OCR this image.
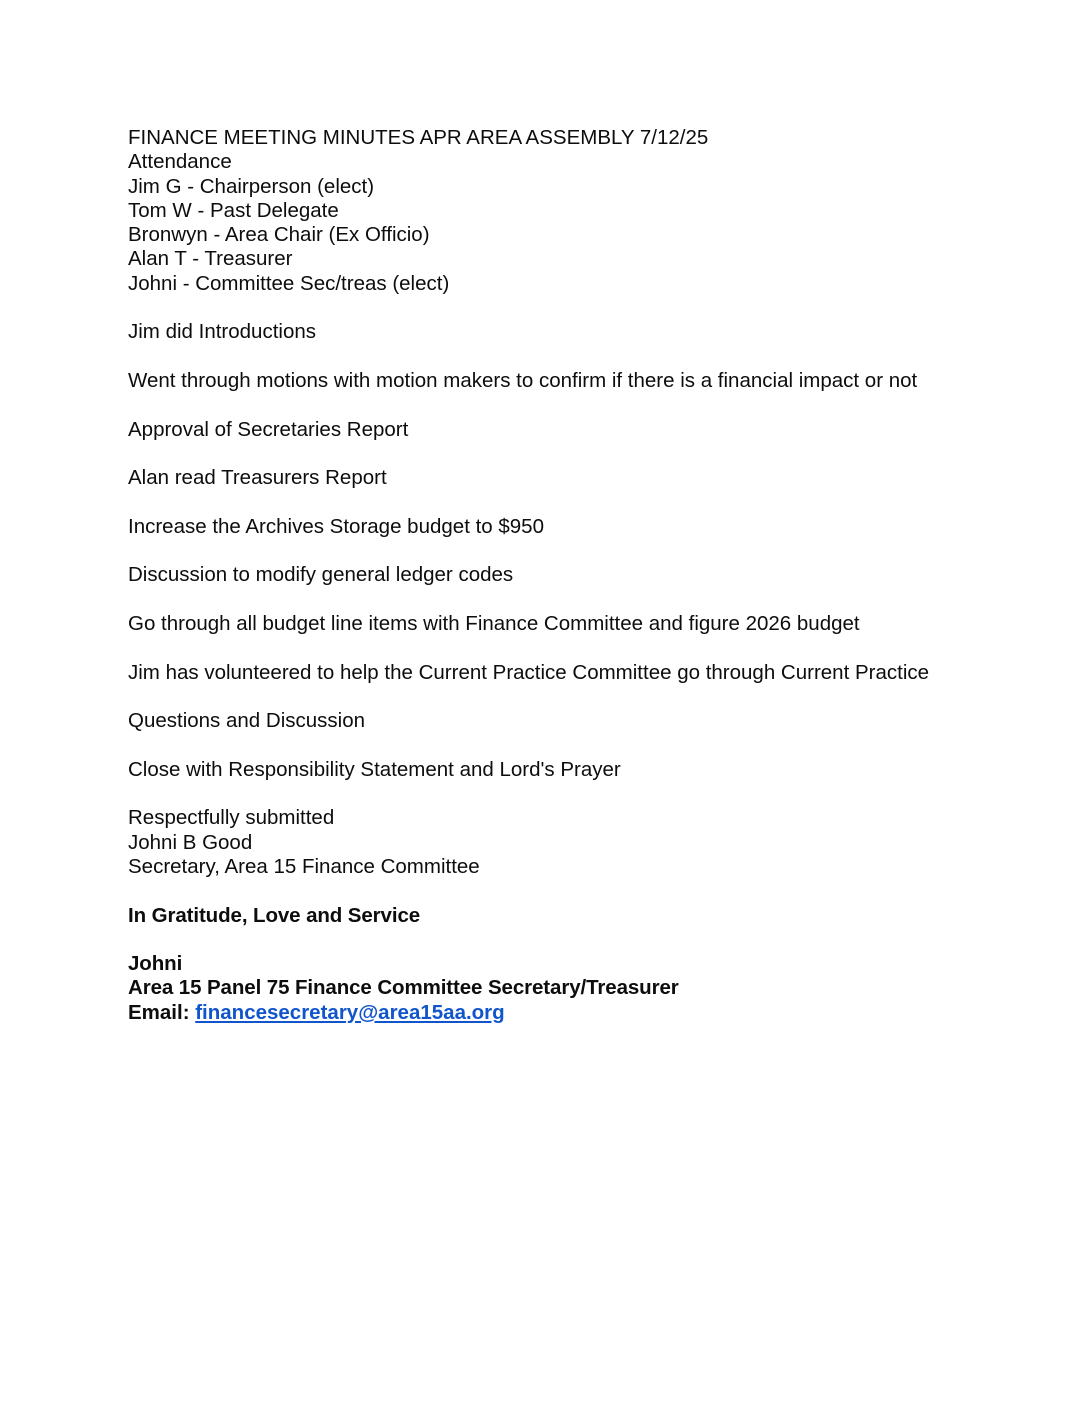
FINANCE MEETING MINUTES APR AREA ASSEMBLY 7/12/25

Attendance

Jim G - Chairperson (elect)

Tom W - Past Delegate

Bronwyn - Area Chair (Ex Officio)

Alan T - Treasurer

Johni - Committee Sec/treas (elect)

Jim did Introductions

Went through motions with motion makers to confirm if there is a financial impact or not

Approval of Secretaries Report

Alan read Treasurers Report

Increase the Archives Storage budget to $950

Discussion to modify general ledger codes

Go through all budget line items with Finance Committee and figure 2026 budget

Jim has volunteered to help the Current Practice Committee go through Current Practice

Questions and Discussion

Close with Responsibility Statement and Lord's Prayer

Respectfully submitted

Johni B Good

Secretary, Area 15 Finance Committee

In Gratitude, Love and Service

Johni

Area 15 Panel 75 Finance Committee Secretary/Treasurer

Email: financesecretary@area15aa.org
